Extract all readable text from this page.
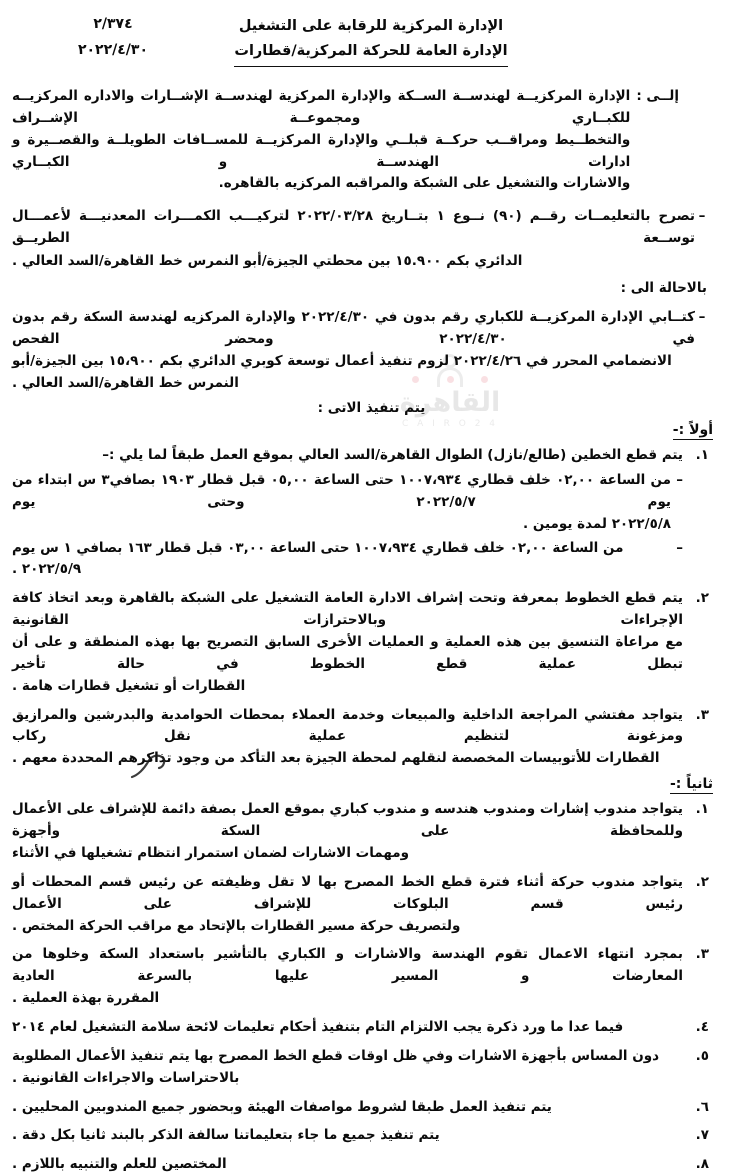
القاهرة
C A I R O 2 4
٢/٣٧٤
٢٠٢٢/٤/٣٠
الإدارة المركزية للرقابة على التشغيل
الإدارة العامة للحركة المركزية/قطارات
إلــى :
الإدارة المركزيــة لهندســة الســكة والإدارة المركزية لهندســة الإشــارات والاداره المركزيــه للكبــاري ومجموعــة الإشــراف
والتخطــيط ومراقــب حركــة قبلــي والإدارة المركزيــة للمســافات الطويلــة والقصــيرة و ادارات الهندســة و الكبــاري
والاشارات والتشغيل على الشبكة والمراقبه المركزيه بالقاهره.
–
تصرح بالتعليمــات رقــم (٩٠) نــوع ١ بتــاريخ ٢٠٢٢/٠٣/٢٨ لتركيـــب الكمـــرات المعدنيـــة لأعمـــال توســعة الطريــق
الدائري بكم ١٥.٩٠٠ بين محطتي الجيزة/أبو النمرس خط القاهرة/السد العالي .
بالاحالة الى :
–
كتــابي الإدارة المركزيــة للكباري رقم بدون في ٢٠٢٢/٤/٣٠ والإدارة المركزيه لهندسة السكة رقم بدون في ٢٠٢٢/٤/٣٠ ومحضر الفحص
الانضمامي المحرر في ٢٠٢٢/٤/٢٦ لزوم تنفيذ أعمال توسعة كوبري الدائري بكم ١٥،٩٠٠ بين الجيزة/أبو النمرس خط القاهرة/السد العالي .
يتم تنفيذ الاتى :
أولاً :-
١.
يتم قطع الخطين (طالع/نازل) الطوال القاهرة/السد العالي بموقع العمل طبقاً لما يلي :–
–
من الساعة ٠٢,٠٠ خلف قطاري ١٠٠٧،٩٣٤ حتى الساعة ٠٥,٠٠ قبل قطار ١٩٠٣ بصافي٣ س ابتداء من يوم ٢٠٢٢/٥/٧ وحتى يوم
٢٠٢٢/٥/٨ لمدة يومين .
–
من الساعة ٠٢,٠٠ خلف قطاري ١٠٠٧،٩٣٤ حتى الساعة ٠٣,٠٠ قبل قطار ١٦٣ بصافي ١ س يوم ٢٠٢٢/٥/٩ .
٢.
يتم قطع الخطوط بمعرفة وتحت إشراف الادارة العامة التشغيل على الشبكة بالقاهرة وبعد اتخاذ كافة الإجراءات وبالاحترازات القانونية
مع مراعاة التنسيق بين هذه العملية و العمليات الأخرى السابق التصريح بها بهذه المنطقة و على أن تبطل عملية قطع الخطوط في حالة تأخير
القطارات أو تشغيل قطارات هامة .
٣.
يتواجد مفتشي المراجعة الداخلية والمبيعات وخدمة العملاء بمحطات الحوامدية والبدرشين والمرازيق ومزغونة لتنظيم عملية نقل ركاب
القطارات للأتوبيسات المخصصة لنقلهم لمحطة الجيزة بعد التأكد من وجود تذاكرهم المحددة معهم .
ثانياً :-
١.
يتواجد مندوب إشارات ومندوب هندسه و مندوب كباري بموقع العمل بصفة دائمة للإشراف على الأعمال وللمحافظة على السكة وأجهزة
ومهمات الاشارات لضمان استمرار انتظام تشغيلها في الأثناء
٢.
يتواجد مندوب حركة أثناء فترة قطع الخط المصرح بها لا تقل وظيفته عن رئيس قسم المحطات أو رئيس قسم البلوكات للإشراف على الأعمال
ولتصريف حركة مسير القطارات بالإتحاد مع مراقب الحركة المختص .
٣.
بمجرد انتهاء الاعمال تقوم الهندسة والاشارات و الكباري بالتأشير باستعداد السكة وخلوها من المعارضات و المسير عليها بالسرعة العادية
المقررة بهذة العملية .
٤.
فيما عدا ما ورد ذكرة يجب الالتزام التام بتنفيذ أحكام تعليمات لائحة سلامة التشغيل لعام ٢٠١٤
٥.
دون المساس بأجهزة الاشارات وفي ظل اوقات قطع الخط المصرح بها يتم تنفيذ الأعمال المطلوبة بالاحتراسات والاجراءات القانونية .
٦.
يتم تنفيذ العمل طبقا لشروط مواصفات الهيئة وبحضور جميع المندوبين المحليين .
٧.
يتم تنفيذ جميع ما جاء بتعليماتنا سالفة الذكر بالبند ثانيا بكل دقة .
٨.
المختصين للعلم والتنبيه باللازم .
